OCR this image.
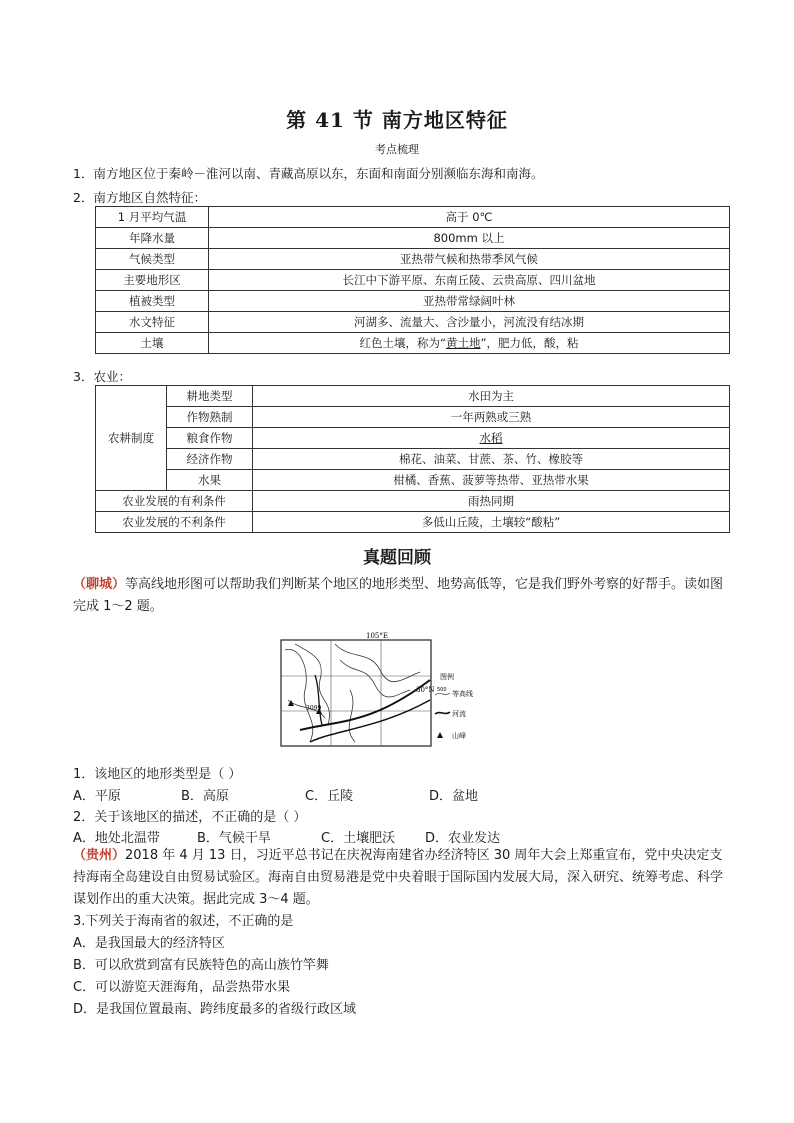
第 41 节 南方地区特征
考点梳理
1．南方地区位于秦岭－淮河以南、青藏高原以东，东面和南面分别濒临东海和南海。
2．南方地区自然特征：
1 月平均气温	高于 0℃
年降水量	800mm 以上
气候类型	亚热带气候和热带季风气候
主要地形区	长江中下游平原、东南丘陵、云贵高原、四川盆地
植被类型	亚热带常绿阔叶林
水文特征	河湖多、流量大、含沙量小，河流没有结冰期
土壤	红色土壤，称为“黄土地”，肥力低，酸，粘
3．农业：
农耕制度	耕地类型	水田为主
	作物熟制	一年两熟或三熟
	粮食作物	水稻
	经济作物	棉花、油菜、甘蔗、茶、竹、橡胶等
	水果	柑橘、香蕉、菠萝等热带、亚热带水果
农业发展的有利条件		雨热同期
农业发展的不利条件		多低山丘陵，土壤较“酸粘”
真题回顾
（聊城）等高线地形图可以帮助我们判断某个地区的地形类型、地势高低等，它是我们野外考察的好帮手。读如图完成 1～2 题。
105°E
30°N
3099
图例
500 等高线
河流
山峰
1．该地区的地形类型是（ ）
A．平原	B．高原	C．丘陵	D．盆地
2．关于该地区的描述，不正确的是（ ）
A．地处北温带	B．气候干旱	C．土壤肥沃 D．农业发达
（贵州）2018 年 4 月 13 日，习近平总书记在庆祝海南建省办经济特区 30 周年大会上郑重宣布，党中央决定支持海南全岛建设自由贸易试验区。海南自由贸易港是党中央着眼于国际国内发展大局，深入研究、统筹考虑、科学谋划作出的重大决策。据此完成 3～4 题。
3.下列关于海南省的叙述，不正确的是
A．是我国最大的经济特区
B．可以欣赏到富有民族特色的高山族竹竿舞
C．可以游览天涯海角，品尝热带水果
D．是我国位置最南、跨纬度最多的省级行政区域
